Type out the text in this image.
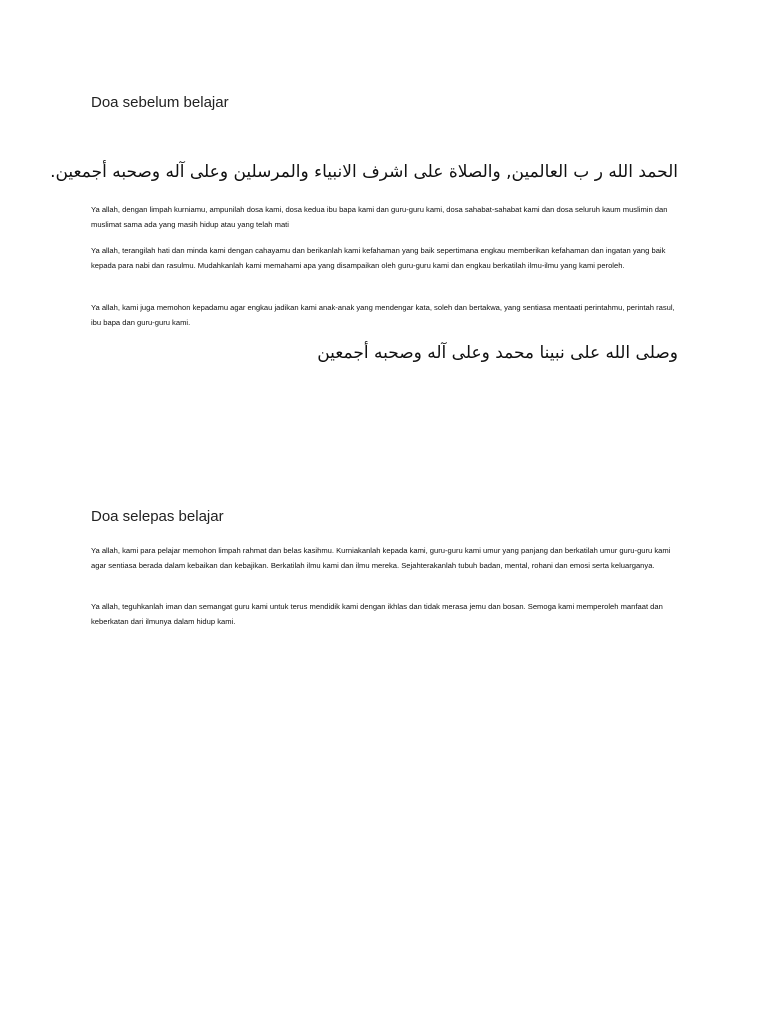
Doa sebelum belajar

الحمد الله ر ب العالمين, والصلاة على اشرف الانبياء والمرسلين وعلى آله وصحبه أجمعين.

Ya allah, dengan limpah kurniamu, ampunilah dosa kami, dosa kedua ibu bapa kami dan guru-guru kami, dosa sahabat-sahabat kami dan dosa seluruh kaum muslimin dan muslimat sama ada yang masih hidup atau yang telah mati

Ya allah, terangilah hati dan minda kami dengan cahayamu dan berikanlah kami kefahaman yang baik sepertimana engkau memberikan kefahaman dan ingatan yang baik kepada para nabi dan rasulmu. Mudahkanlah kami memahami apa yang disampaikan oleh guru-guru kami dan engkau berkatilah ilmu-ilmu yang kami peroleh.

Ya allah, kami juga memohon kepadamu agar engkau jadikan kami anak-anak yang mendengar kata, soleh dan bertakwa, yang sentiasa mentaati perintahmu, perintah rasul, ibu bapa dan guru-guru kami.

وصلى الله على نبينا محمد وعلى آله وصحبه أجمعين

Doa selepas belajar

Ya allah, kami para pelajar memohon limpah rahmat dan belas kasihmu. Kurniakanlah kepada kami, guru-guru kami umur yang panjang dan berkatilah umur guru-guru kami agar sentiasa berada dalam kebaikan dan kebajikan. Berkatilah ilmu kami dan ilmu mereka. Sejahterakanlah tubuh badan, mental, rohani dan emosi serta keluarganya.

Ya allah, teguhkanlah iman dan semangat guru kami untuk terus mendidik kami dengan ikhlas dan tidak merasa jemu dan bosan. Semoga kami memperoleh manfaat dan keberkatan dari ilmunya dalam hidup kami.
